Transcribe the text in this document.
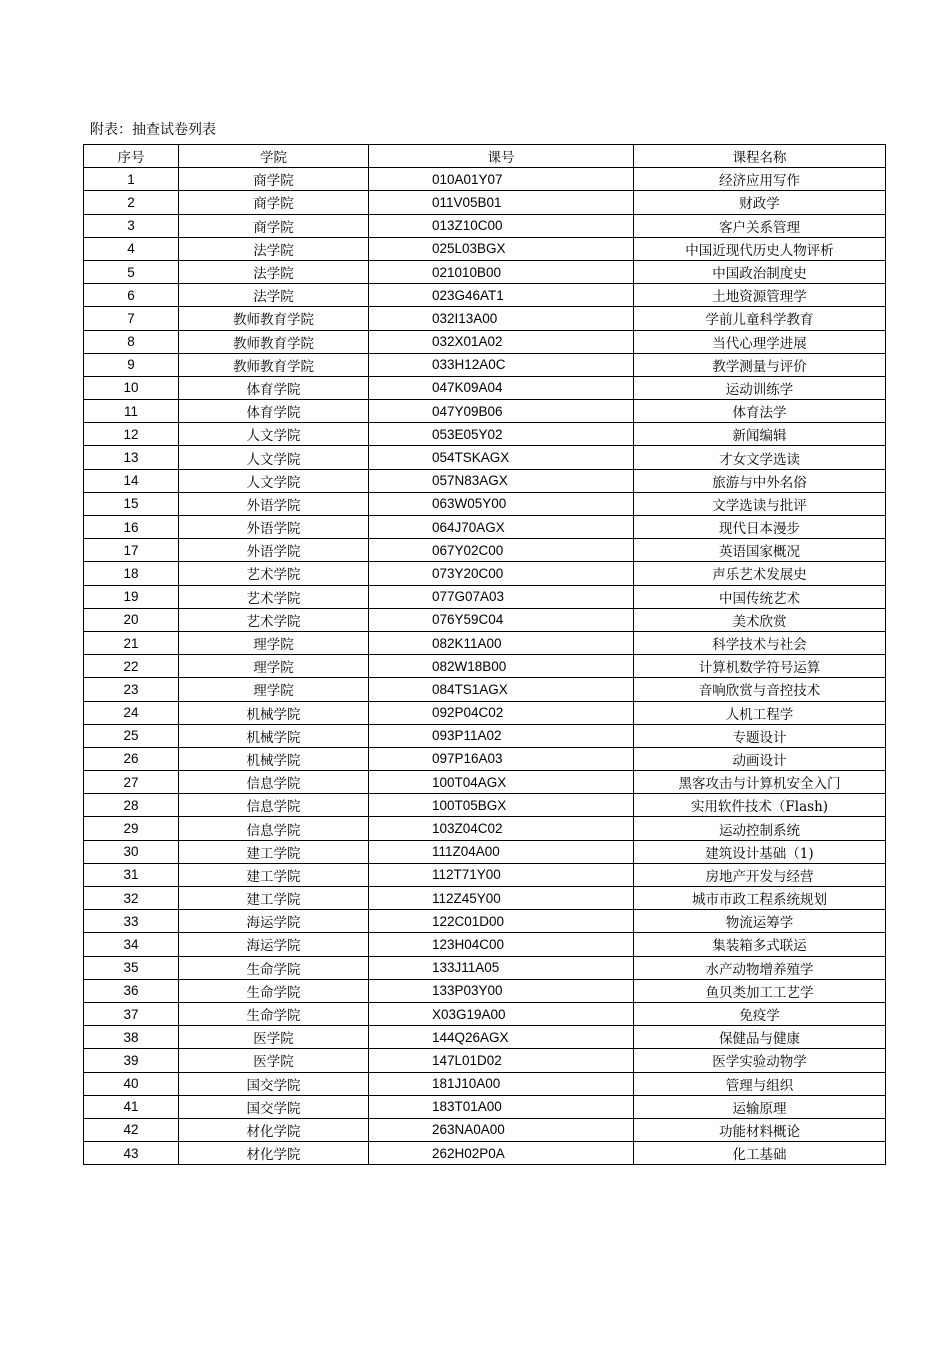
附表：抽查试卷列表
序号	学院	课号	课程名称
1	商学院	010A01Y07	经济应用写作
2	商学院	011V05B01	财政学
3	商学院	013Z10C00	客户关系管理
4	法学院	025L03BGX	中国近现代历史人物评析
5	法学院	021010B00	中国政治制度史
6	法学院	023G46AT1	土地资源管理学
7	教师教育学院	032I13A00	学前儿童科学教育
8	教师教育学院	032X01A02	当代心理学进展
9	教师教育学院	033H12A0C	教学测量与评价
10	体育学院	047K09A04	运动训练学
11	体育学院	047Y09B06	体育法学
12	人文学院	053E05Y02	新闻编辑
13	人文学院	054TSKAGX	才女文学选读
14	人文学院	057N83AGX	旅游与中外名俗
15	外语学院	063W05Y00	文学选读与批评
16	外语学院	064J70AGX	现代日本漫步
17	外语学院	067Y02C00	英语国家概况
18	艺术学院	073Y20C00	声乐艺术发展史
19	艺术学院	077G07A03	中国传统艺术
20	艺术学院	076Y59C04	美术欣赏
21	理学院	082K11A00	科学技术与社会
22	理学院	082W18B00	计算机数学符号运算
23	理学院	084TS1AGX	音响欣赏与音控技术
24	机械学院	092P04C02	人机工程学
25	机械学院	093P11A02	专题设计
26	机械学院	097P16A03	动画设计
27	信息学院	100T04AGX	黑客攻击与计算机安全入门
28	信息学院	100T05BGX	实用软件技术（Flash)
29	信息学院	103Z04C02	运动控制系统
30	建工学院	111Z04A00	建筑设计基础（1)
31	建工学院	112T71Y00	房地产开发与经营
32	建工学院	112Z45Y00	城市市政工程系统规划
33	海运学院	122C01D00	物流运筹学
34	海运学院	123H04C00	集装箱多式联运
35	生命学院	133J11A05	水产动物增养殖学
36	生命学院	133P03Y00	鱼贝类加工工艺学
37	生命学院	X03G19A00	免疫学
38	医学院	144Q26AGX	保健品与健康
39	医学院	147L01D02	医学实验动物学
40	国交学院	181J10A00	管理与组织
41	国交学院	183T01A00	运输原理
42	材化学院	263NA0A00	功能材料概论
43	材化学院	262H02P0A	化工基础
